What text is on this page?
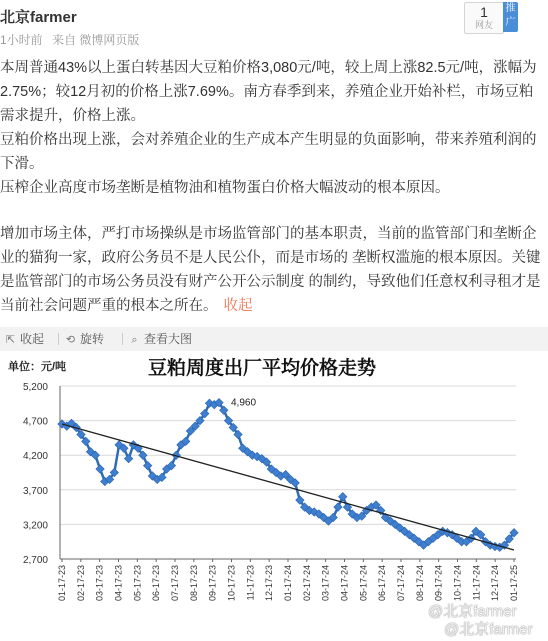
北京farmer
1小时前 来自 微博网页版
1
网友
推广

本周普通43%以上蛋白转基因大豆粕价格3,080元/吨，较上周上涨82.5元/吨，涨幅为2.75%；较12月初的价格上涨7.69%。南方春季到来，养殖企业开始补栏，市场豆粕需求提升，价格上涨。

豆粕价格出现上涨，会对养殖企业的生产成本产生明显的负面影响，带来养殖利润的下滑。

压榨企业高度市场垄断是植物油和植物蛋白价格大幅波动的根本原因。

增加市场主体，严打市场操纵是市场监管部门的基本职责，当前的监管部门和垄断企业的猫狗一家，政府公务员不是人民公仆，而是市场的 垄断权滥施的根本原因。关键是监管部门的市场公务员没有财产公开公示制度 的制约，导致他们任意权利寻租才是当前社会问题严重的根本之所在。 收起

⇱ 收起 ⟲ 旋转	⌕ 查看大图
单位：元/吨	豆粕周度出厂平均价格走势
2,700
3,200
3,700
4,200
4,700
5,200
01-17-23 02-17-23 03-17-23 04-17-23 05-17-23 06-17-23 07-17-23 08-17-23 09-17-23 10-17-23 11-17-23 12-17-23 01-17-24 02-17-24 03-17-24 04-17-24 05-17-24 06-17-24 07-17-24 08-17-24 09-17-24 10-17-24 11-17-24 12-17-24 01-17-25
4,960
@北京farmer
@北京farmer
